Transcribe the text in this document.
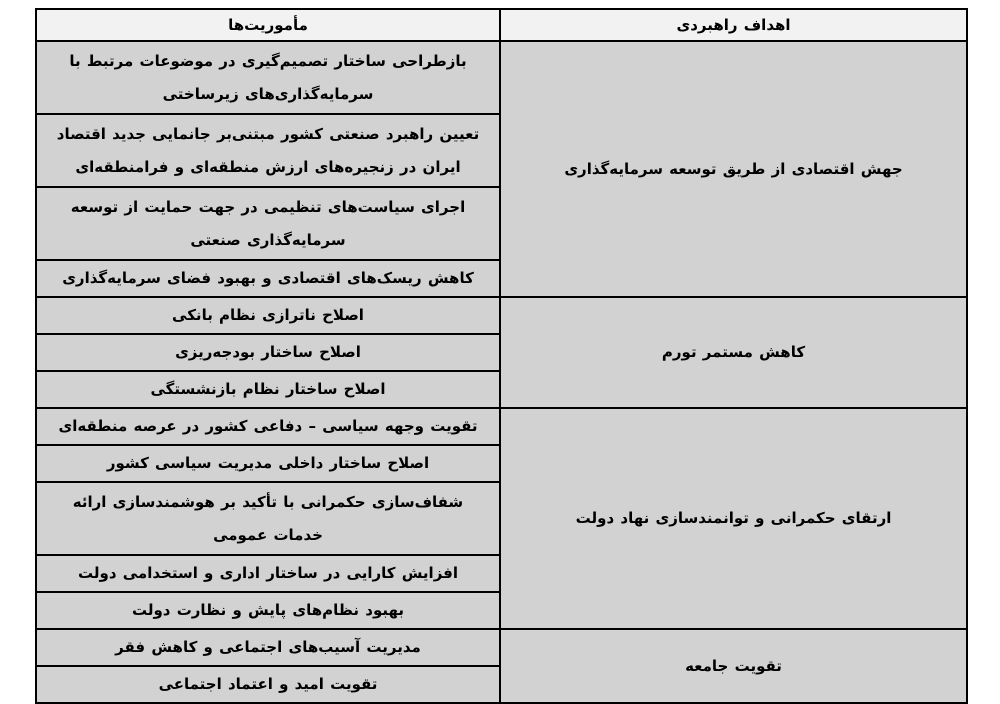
اهداف راهبردی	مأموریت‌ها
جهش اقتصادی از طریق توسعه سرمایه‌گذاری	بازطراحی ساختار تصمیم‌گیری در موضوعات مرتبط با سرمایه‌گذاری‌های زیرساختی
	تعیین راهبرد صنعتی کشور مبتنی‌بر جانمایی جدید اقتصاد ایران در زنجیره‌های ارزش منطقه‌ای و فرامنطقه‌ای
	اجرای سیاست‌های تنظیمی در جهت حمایت از توسعه سرمایه‌گذاری صنعتی
	کاهش ریسک‌های اقتصادی و بهبود فضای سرمایه‌گذاری
کاهش مستمر تورم	اصلاح ناترازی نظام بانکی
	اصلاح ساختار بودجه‌ریزی
	اصلاح ساختار نظام بازنشستگی
ارتقای حکمرانی و توانمندسازی نهاد دولت	تقویت وجهه سیاسی – دفاعی کشور در عرصه منطقه‌ای
	اصلاح ساختار داخلی مدیریت سیاسی کشور
	شفاف‌سازی حکمرانی با تأکید بر هوشمندسازی ارائه خدمات عمومی
	افزایش کارایی در ساختار اداری و استخدامی دولت
	بهبود نظام‌های پایش و نظارت دولت
تقویت جامعه	مدیریت آسیب‌های اجتماعی و کاهش فقر
	تقویت امید و اعتماد اجتماعی
